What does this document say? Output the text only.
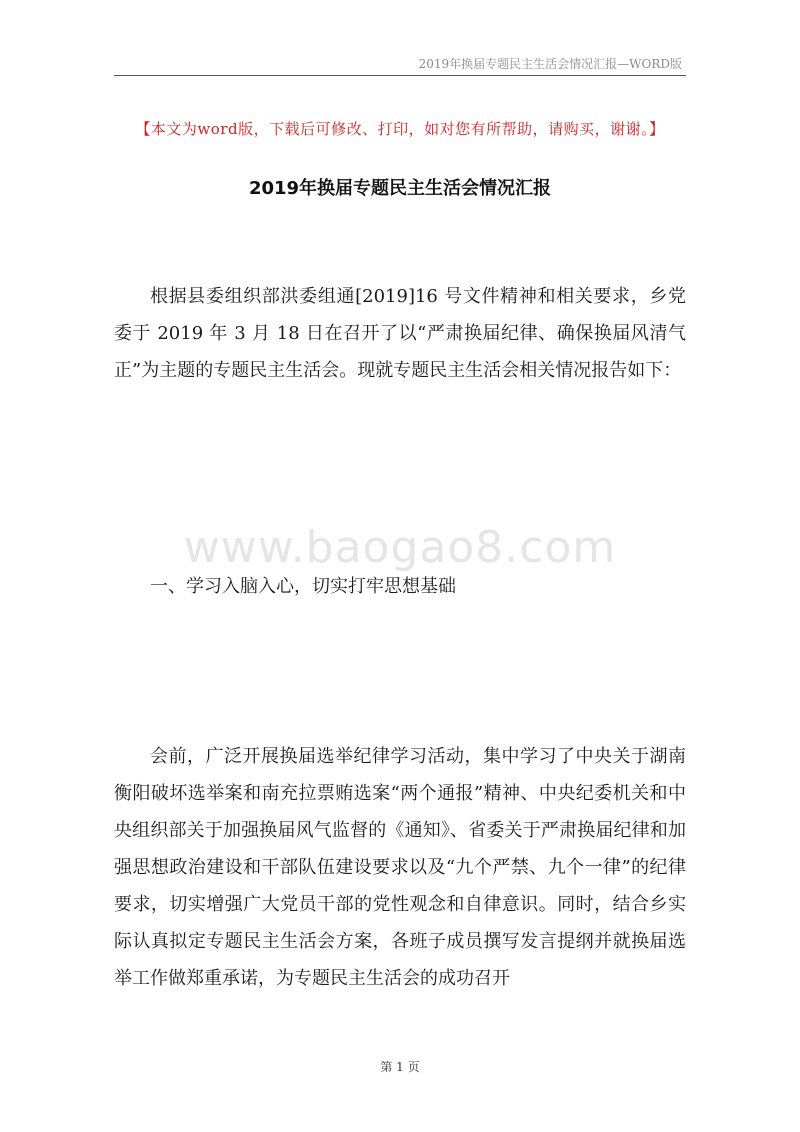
2019年换届专题民主生活会情况汇报—WORD版
【本文为word版，下载后可修改、打印，如对您有所帮助，请购买，谢谢。】
2019年换届专题民主生活会情况汇报

根据县委组织部洪委组通[2019]16 号文件精神和相关要求，乡党委于 2019 年 3 月 18 日在召开了以“严肃换届纪律、确保换届风清气正”为主题的专题民主生活会。现就专题民主生活会相关情况报告如下：

www.baogao8.com

一、学习入脑入心，切实打牢思想基础

会前，广泛开展换届选举纪律学习活动，集中学习了中央关于湖南衡阳破坏选举案和南充拉票贿选案“两个通报”精神、中央纪委机关和中央组织部关于加强换届风气监督的《通知》、省委关于严肃换届纪律和加强思想政治建设和干部队伍建设要求以及“九个严禁、九个一律”的纪律要求，切实增强广大党员干部的党性观念和自律意识。同时，结合乡实际认真拟定专题民主生活会方案，各班子成员撰写发言提纲并就换届选举工作做郑重承诺，为专题民主生活会的成功召开

第 1 页
